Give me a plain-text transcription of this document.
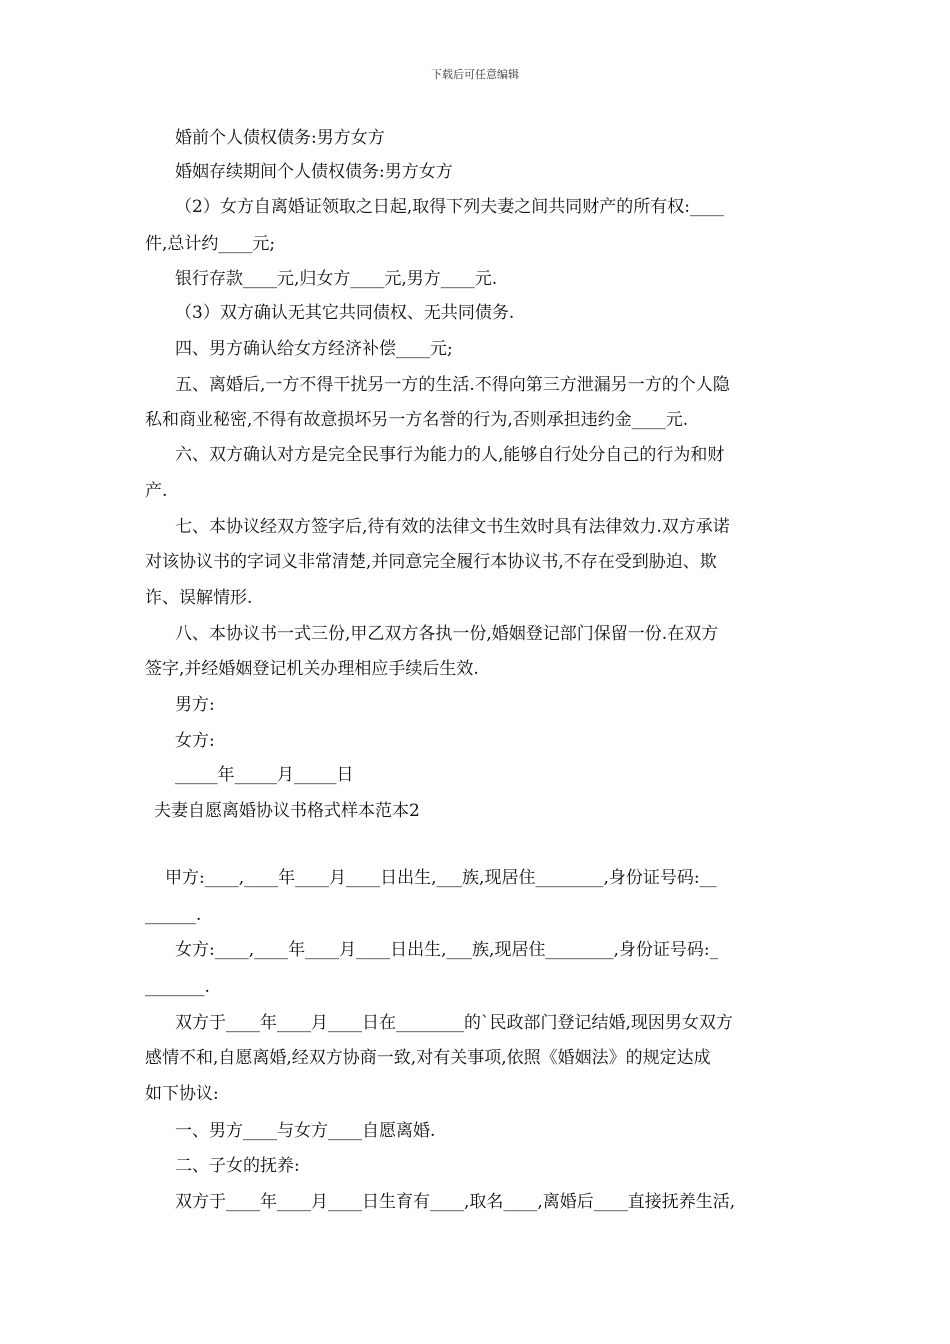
下载后可任意编辑
婚前个人债权债务:男方女方
婚姻存续期间个人债权债务:男方女方
（2）女方自离婚证领取之日起,取得下列夫妻之间共同财产的所有权:____
件,总计约____元;
银行存款____元,归女方____元,男方____元.
（3）双方确认无其它共同债权、无共同债务.
四、男方确认给女方经济补偿____元;
五、离婚后,一方不得干扰另一方的生活.不得向第三方泄漏另一方的个人隐
私和商业秘密,不得有故意损坏另一方名誉的行为,否则承担违约金____元.
六、双方确认对方是完全民事行为能力的人,能够自行处分自己的行为和财
产.
七、本协议经双方签字后,待有效的法律文书生效时具有法律效力.双方承诺
对该协议书的字词义非常清楚,并同意完全履行本协议书,不存在受到胁迫、欺
诈、误解情形.
八、本协议书一式三份,甲乙双方各执一份,婚姻登记部门保留一份.在双方
签字,并经婚姻登记机关办理相应手续后生效.
男方:
女方:
_____年_____月_____日
夫妻自愿离婚协议书格式样本范本2
甲方:____,____年____月____日出生,___族,现居住________,身份证号码:__
______.
女方:____,____年____月____日出生,___族,现居住________,身份证号码:_
_______.
双方于____年____月____日在________的`民政部门登记结婚,现因男女双方
感情不和,自愿离婚,经双方协商一致,对有关事项,依照《婚姻法》的规定达成
如下协议:
一、男方____与女方____自愿离婚.
二、子女的抚养:
双方于____年____月____日生育有____,取名____,离婚后____直接抚养生活,
